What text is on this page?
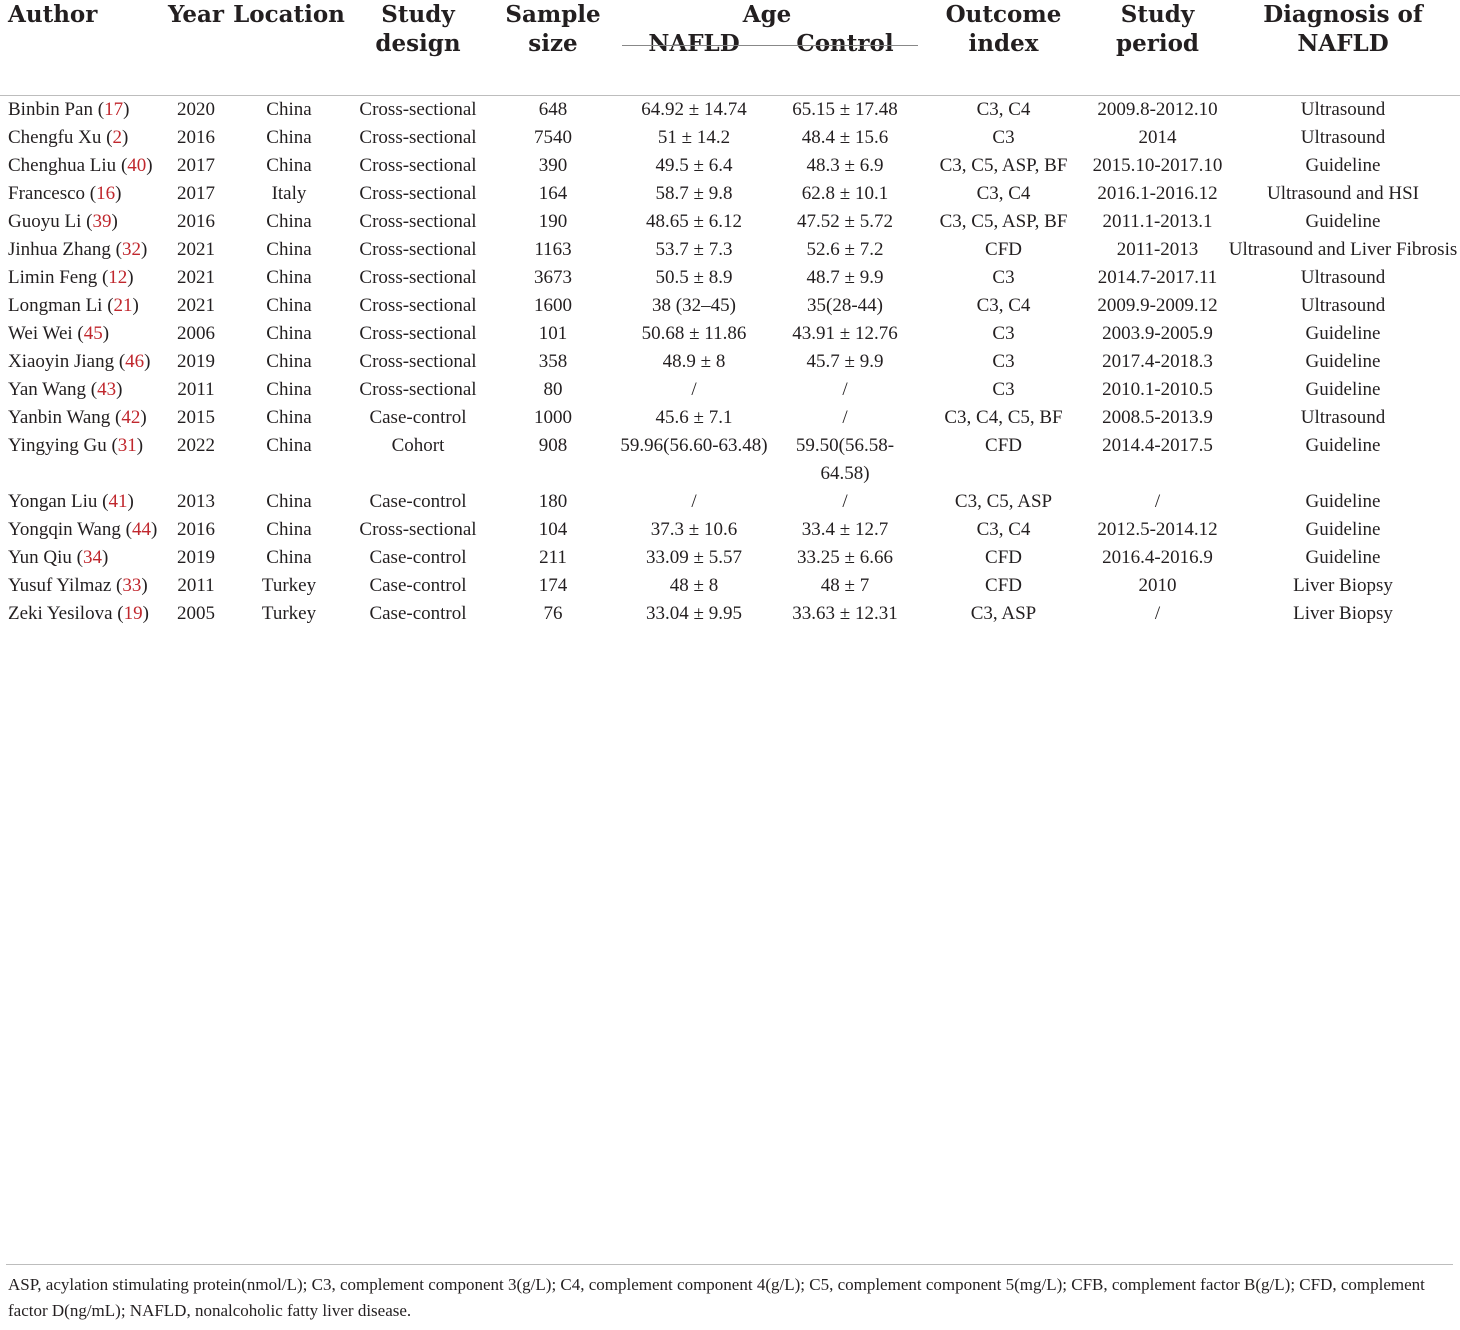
Author	Year	Location	Study design	Sample size	Age		Outcome index	Study period	Diagnosis of NAFLD
					NAFLD	Control			

Binbin Pan (17)	2020	China	Cross-sectional	648	64.92 ± 14.74	65.15 ± 17.48	C3, C4	2009.8-2012.10	Ultrasound
Chengfu Xu (2)	2016	China	Cross-sectional	7540	51 ± 14.2	48.4 ± 15.6	C3	2014	Ultrasound
Chenghua Liu (40)	2017	China	Cross-sectional	390	49.5 ± 6.4	48.3 ± 6.9	C3, C5, ASP, BF	2015.10-2017.10	Guideline
Francesco (16)	2017	Italy	Cross-sectional	164	58.7 ± 9.8	62.8 ± 10.1	C3, C4	2016.1-2016.12	Ultrasound and HSI
Guoyu Li (39)	2016	China	Cross-sectional	190	48.65 ± 6.12	47.52 ± 5.72	C3, C5, ASP, BF	2011.1-2013.1	Guideline
Jinhua Zhang (32)	2021	China	Cross-sectional	1163	53.7 ± 7.3	52.6 ± 7.2	CFD	2011-2013	Ultrasound and Liver Fibrosis
Limin Feng (12)	2021	China	Cross-sectional	3673	50.5 ± 8.9	48.7 ± 9.9	C3	2014.7-2017.11	Ultrasound
Longman Li (21)	2021	China	Cross-sectional	1600	38 (32–45)	35(28-44)	C3, C4	2009.9-2009.12	Ultrasound
Wei Wei (45)	2006	China	Cross-sectional	101	50.68 ± 11.86	43.91 ± 12.76	C3	2003.9-2005.9	Guideline
Xiaoyin Jiang (46)	2019	China	Cross-sectional	358	48.9 ± 8	45.7 ± 9.9	C3	2017.4-2018.3	Guideline
Yan Wang (43)	2011	China	Cross-sectional	80	/	/	C3	2010.1-2010.5	Guideline
Yanbin Wang (42)	2015	China	Case-control	1000	45.6 ± 7.1	/	C3, C4, C5, BF	2008.5-2013.9	Ultrasound
Yingying Gu (31)	2022	China	Cohort	908	59.96(56.60-63.48)	59.50(56.58-64.58)	CFD	2014.4-2017.5	Guideline
Yongan Liu (41)	2013	China	Case-control	180	/	/	C3, C5, ASP	/	Guideline
Yongqin Wang (44)	2016	China	Cross-sectional	104	37.3 ± 10.6	33.4 ± 12.7	C3, C4	2012.5-2014.12	Guideline
Yun Qiu (34)	2019	China	Case-control	211	33.09 ± 5.57	33.25 ± 6.66	CFD	2016.4-2016.9	Guideline
Yusuf Yilmaz (33)	2011	Turkey	Case-control	174	48 ± 8	48 ± 7	CFD	2010	Liver Biopsy
Zeki Yesilova (19)	2005	Turkey	Case-control	76	33.04 ± 9.95	33.63 ± 12.31	C3, ASP	/	Liver Biopsy
ASP, acylation stimulating protein(nmol/L); C3, complement component 3(g/L); C4, complement component 4(g/L); C5, complement component 5(mg/L); CFB, complement factor B(g/L); CFD, complement factor D(ng/mL); NAFLD, nonalcoholic fatty liver disease.
